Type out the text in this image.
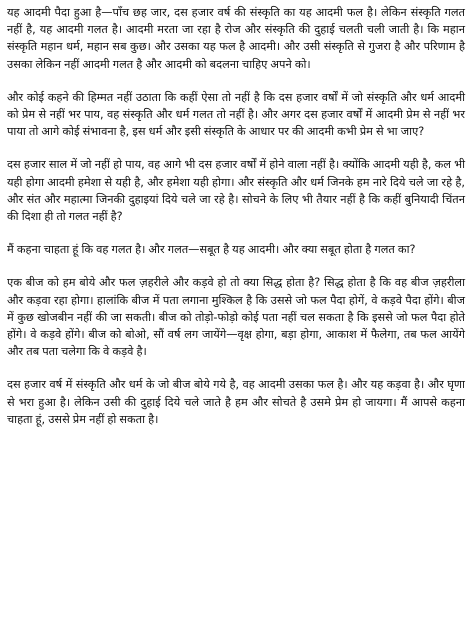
यह आदमी पैदा हुआ है—पाँच छह जार, दस हजार वर्ष की संस्कृति का यह आदमी फल है। लेकिन संस्कृति गलत नहीं है, यह आदमी गलत है। आदमी मरता जा रहा है रोज और संस्कृति की दुहाई चलती चली जाती है। कि महान संस्कृति महान धर्म, महान सब कुछ। और उसका यह फल है आदमी। और उसी संस्कृति से गुजरा है और परिणाम है उसका लेकिन नहीं आदमी गलत है और आदमी को बदलना चाहिए अपने को।

और कोई कहने की हिम्मत नहीं उठाता कि कहीं ऐसा तो नहीं है कि दस हजार वर्षों में जो संस्कृति और धर्म आदमी को प्रेम से नहीं भर पाय, वह संस्कृति और धर्म गलत तो नहीं है। और अगर दस हजार वर्षों में आदमी प्रेम से नहीं भर पाया तो आगे कोई संभावना है, इस धर्म और इसी संस्कृति के आधार पर की आदमी कभी प्रेम से भा जाए?

दस हजार साल में जो नहीं हो पाय, वह आगे भी दस हजार वर्षों में होने वाला नहीं है। क्योंकि आदमी यही है, कल भी यही होगा आदमी हमेशा से यही है, और हमेशा यही होगा। और संस्कृति और धर्म जिनके हम नारे दिये चले जा रहे है, और संत और महात्मा जिनकी दुहाइयां दिये चले जा रहे है। सोचने के लिए भी तैयार नहीं है कि कहीं बुनियादी चिंतन की दिशा ही तो गलत नहीं है?

मैं कहना चाहता हूं कि वह गलत है। और गलत—सबूत है यह आदमी। और क्या सबूत होता है गलत का?

एक बीज को हम बोये और फल ज़हरीले और कड़वे हो तो क्या सिद्ध होता है? सिद्ध होता है कि वह बीज ज़हरीला और कड़वा रहा होगा। हालांकि बीज में पता लगाना मुश्किल है कि उससे जो फल पैदा होगें, वे कड़वे पैदा होंगे। बीज में कुछ खोजबीन नहीं की जा सकती। बीज को तोड़ो-फोड़ो कोई पता नहीं चल सकता है कि इससे जो फल पैदा होते होंगे। वे कड़वे होंगे। बीज को बोओ, सौं वर्ष लग जायेंगे—वृक्ष होगा, बड़ा होगा, आकाश में फैलेगा, तब फल आयेंगे और तब पता चलेगा कि वे कड़वे है।

दस हजार वर्ष में संस्कृति और धर्म के जो बीज बोये गये है, वह आदमी उसका फल है। और यह कड़वा है। और घृणा से भरा हुआ है। लेकिन उसी की दुहाई दिये चले जाते है हम और सोचते है उसमे प्रेम हो जायगा। मैं आपसे कहना चाहता हूं, उससे प्रेम नहीं हो सकता है।
